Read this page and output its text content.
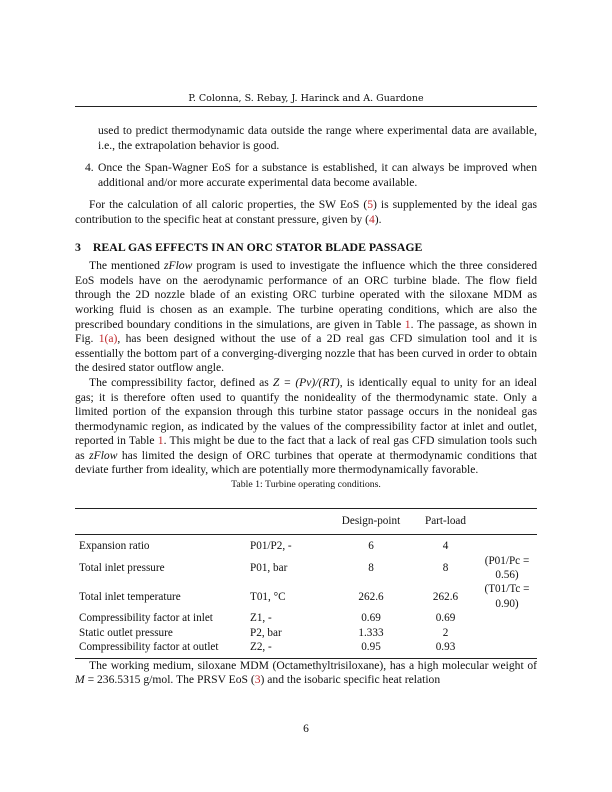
P. Colonna, S. Rebay, J. Harinck and A. Guardone

used to predict thermodynamic data outside the range where experimental data are available, i.e., the extrapolation behavior is good.

4. Once the Span-Wagner EoS for a substance is established, it can always be improved when additional and/or more accurate experimental data become available.

For the calculation of all caloric properties, the SW EoS (5) is supplemented by the ideal gas contribution to the specific heat at constant pressure, given by (4).

3 REAL GAS EFFECTS IN AN ORC STATOR BLADE PASSAGE

The mentioned zFlow program is used to investigate the influence which the three considered EoS models have on the aerodynamic performance of an ORC turbine blade. The flow field through the 2D nozzle blade of an existing ORC turbine operated with the siloxane MDM as working fluid is chosen as an example. The turbine operating conditions, which are also the prescribed boundary conditions in the simulations, are given in Table 1. The passage, as shown in Fig. 1(a), has been designed without the use of a 2D real gas CFD simulation tool and it is essentially the bottom part of a converging-diverging nozzle that has been curved in order to obtain the desired stator outflow angle.

The compressibility factor, defined as Z = (Pv)/(RT), is identically equal to unity for an ideal gas; it is therefore often used to quantify the nonideality of the thermodynamic state. Only a limited portion of the expansion through this turbine stator passage occurs in the nonideal gas thermodynamic region, as indicated by the values of the compressibility factor at inlet and outlet, reported in Table 1. This might be due to the fact that a lack of real gas CFD simulation tools such as zFlow has limited the design of ORC turbines that operate at thermodynamic conditions that deviate further from ideality, which are potentially more thermodynamically favorable.

Table 1: Turbine operating conditions.

		Design-point	Part-load	
Expansion ratio	P01/P2, -	6	4	
Total inlet pressure	P01, bar	8	8	(P01/Pc = 0.56)
Total inlet temperature	T01, °C	262.6	262.6	(T01/Tc = 0.90)
Compressibility factor at inlet	Z1, -	0.69	0.69	
Static outlet pressure	P2, bar	1.333	2	
Compressibility factor at outlet	Z2, -	0.95	0.93	

The working medium, siloxane MDM (Octamethyltrisiloxane), has a high molecular weight of M = 236.5315 g/mol. The PRSV EoS (3) and the isobaric specific heat relation

6
